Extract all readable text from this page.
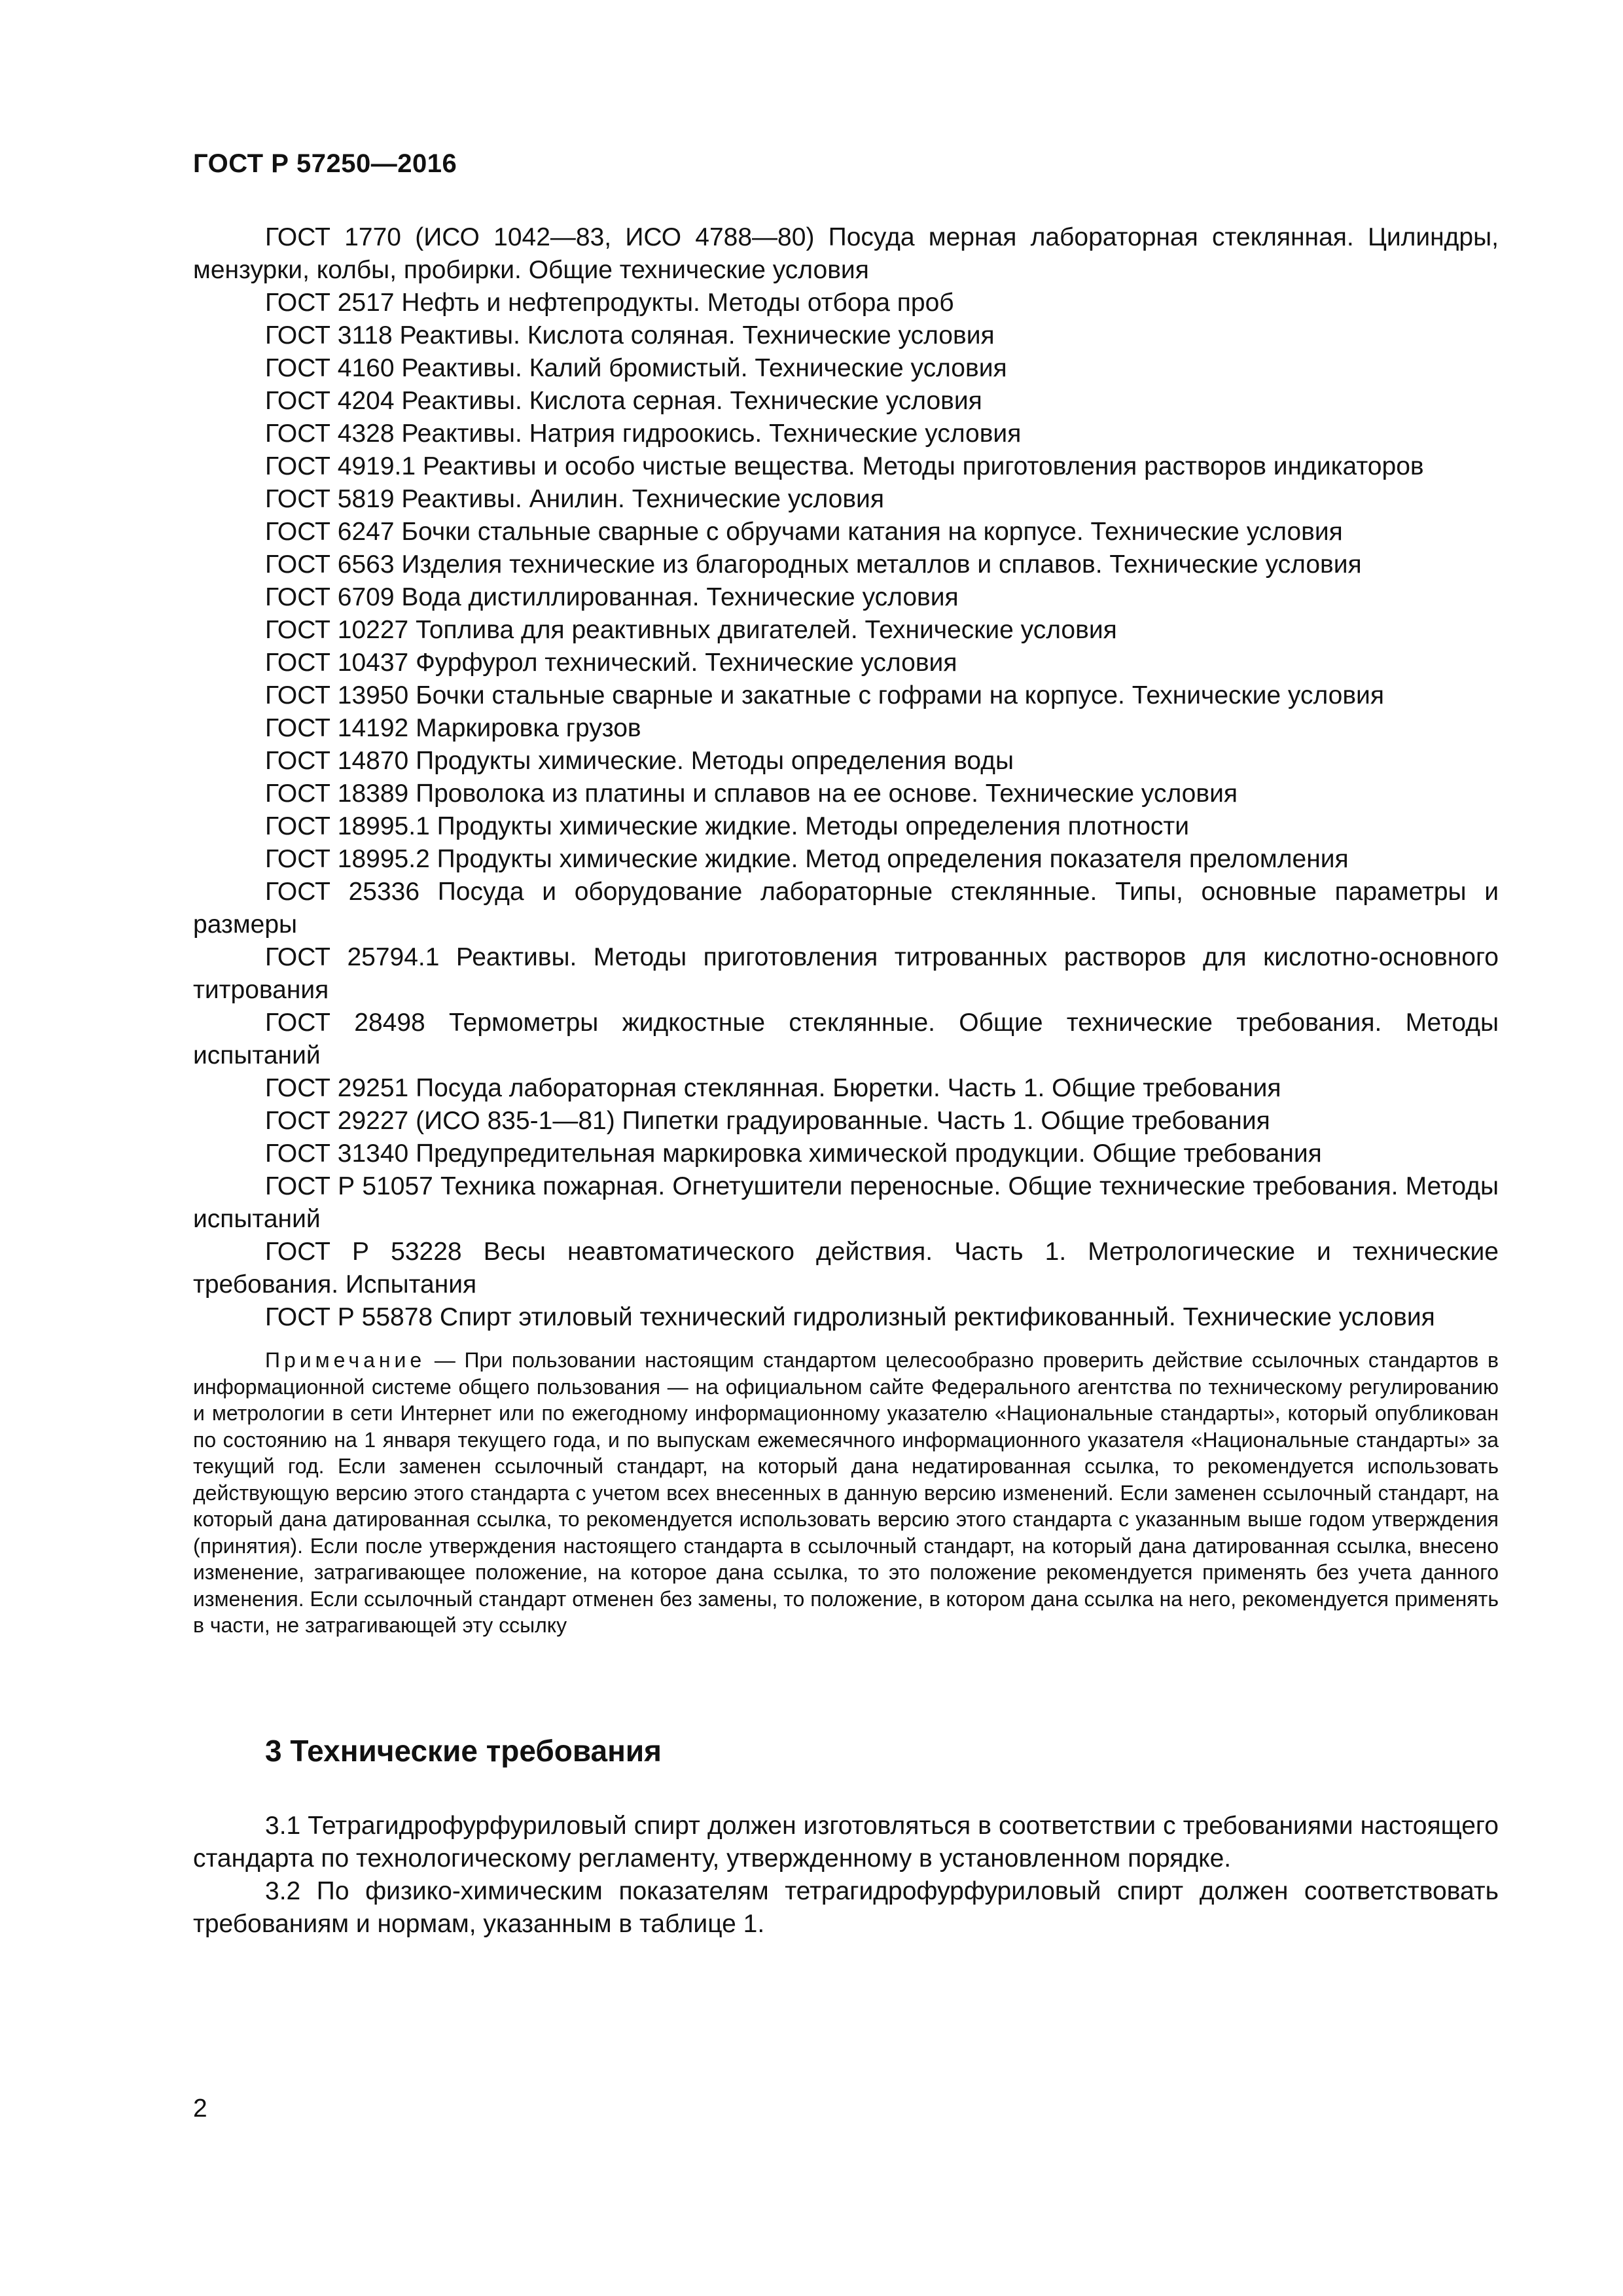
ГОСТ Р 57250—2016

ГОСТ 1770 (ИСО 1042—83, ИСО 4788—80) Посуда мерная лабораторная стеклянная. Цилиндры, мензурки, колбы, пробирки. Общие технические условия

ГОСТ 2517 Нефть и нефтепродукты. Методы отбора проб

ГОСТ 3118 Реактивы. Кислота соляная. Технические условия

ГОСТ 4160 Реактивы. Калий бромистый. Технические условия

ГОСТ 4204 Реактивы. Кислота серная. Технические условия

ГОСТ 4328 Реактивы. Натрия гидроокись. Технические условия

ГОСТ 4919.1 Реактивы и особо чистые вещества. Методы приготовления растворов индикаторов

ГОСТ 5819 Реактивы. Анилин. Технические условия

ГОСТ 6247 Бочки стальные сварные с обручами катания на корпусе. Технические условия

ГОСТ 6563 Изделия технические из благородных металлов и сплавов. Технические условия

ГОСТ 6709 Вода дистиллированная. Технические условия

ГОСТ 10227 Топлива для реактивных двигателей. Технические условия

ГОСТ 10437 Фурфурол технический. Технические условия

ГОСТ 13950 Бочки стальные сварные и закатные с гофрами на корпусе. Технические условия

ГОСТ 14192 Маркировка грузов

ГОСТ 14870 Продукты химические. Методы определения воды

ГОСТ 18389 Проволока из платины и сплавов на ее основе. Технические условия

ГОСТ 18995.1 Продукты химические жидкие. Методы определения плотности

ГОСТ 18995.2 Продукты химические жидкие. Метод определения показателя преломления

ГОСТ 25336 Посуда и оборудование лабораторные стеклянные. Типы, основные параметры и размеры

ГОСТ 25794.1 Реактивы. Методы приготовления титрованных растворов для кислотно-основного титрования

ГОСТ 28498 Термометры жидкостные стеклянные. Общие технические требования. Методы испытаний

ГОСТ 29251 Посуда лабораторная стеклянная. Бюретки. Часть 1. Общие требования

ГОСТ 29227 (ИСО 835-1—81) Пипетки градуированные. Часть 1. Общие требования

ГОСТ 31340 Предупредительная маркировка химической продукции. Общие требования

ГОСТ Р 51057 Техника пожарная. Огнетушители переносные. Общие технические требования. Методы испытаний

ГОСТ Р 53228 Весы неавтоматического действия. Часть 1. Метрологические и технические требования. Испытания

ГОСТ Р 55878 Спирт этиловый технический гидролизный ректификованный. Технические условия

Примечание — При пользовании настоящим стандартом целесообразно проверить действие ссылочных стандартов в информационной системе общего пользования — на официальном сайте Федерального агентства по техническому регулированию и метрологии в сети Интернет или по ежегодному информационному указателю «Национальные стандарты», который опубликован по состоянию на 1 января текущего года, и по выпускам ежемесячного информационного указателя «Национальные стандарты» за текущий год. Если заменен ссылочный стандарт, на который дана недатированная ссылка, то рекомендуется использовать действующую версию этого стандарта с учетом всех внесенных в данную версию изменений. Если заменен ссылочный стандарт, на который дана датированная ссылка, то рекомендуется использовать версию этого стандарта с указанным выше годом утверждения (принятия). Если после утверждения настоящего стандарта в ссылочный стандарт, на который дана датированная ссылка, внесено изменение, затрагивающее положение, на которое дана ссылка, то это положение рекомендуется применять без учета данного изменения. Если ссылочный стандарт отменен без замены, то положение, в котором дана ссылка на него, рекомендуется применять в части, не затрагивающей эту ссылку
3 Технические требования

3.1 Тетрагидрофурфуриловый спирт должен изготовляться в соответствии с требованиями настоящего стандарта по технологическому регламенту, утвержденному в установленном порядке.

3.2 По физико-химическим показателям тетрагидрофурфуриловый спирт должен соответствовать требованиям и нормам, указанным в таблице 1.

2
